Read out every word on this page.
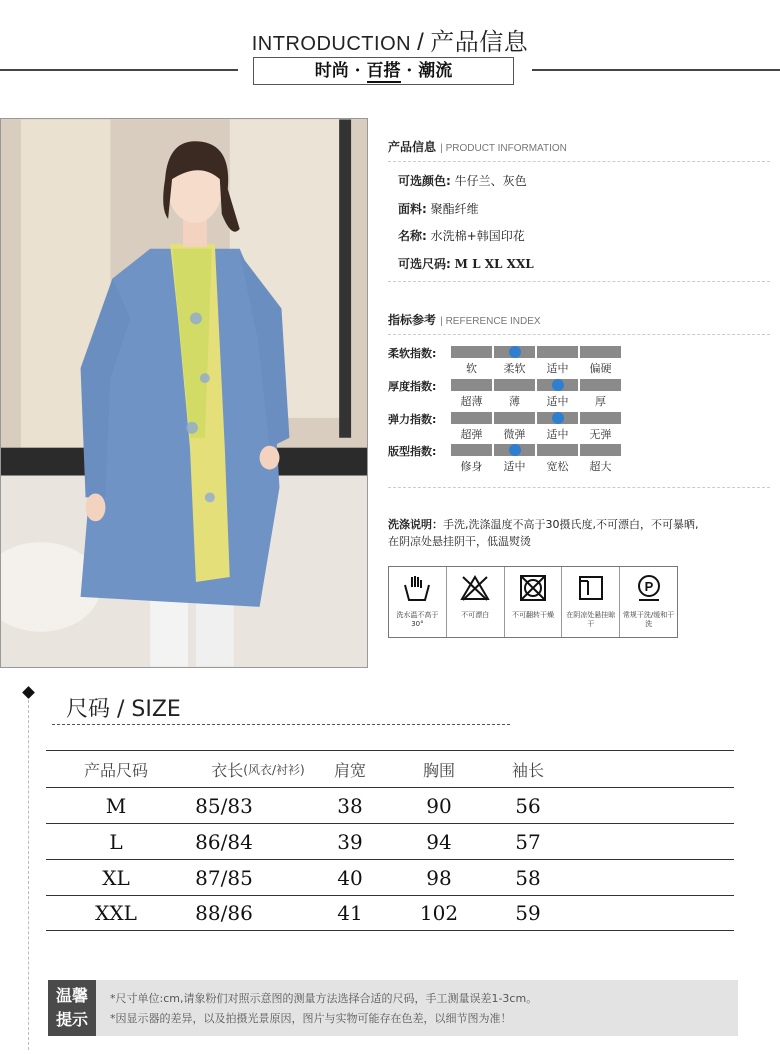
INTRODUCTION / 产品信息
时尚 · 百搭 · 潮流
产品信息 | PRODUCT INFORMATION
可选颜色: 牛仔兰、灰色
面料: 聚酯纤维
名称: 水洗棉+韩国印花
可选尺码: M L XL XXL
指标参考 | REFERENCE INDEX
柔软指数:
软	柔软	适中	偏硬
厚度指数:
超薄	薄	适中	厚
弹力指数:
超弹	微弹	适中	无弹
版型指数:
修身	适中	宽松	超大
洗涤说明：手洗,洗涤温度不高于30摄氏度,不可漂白，不可暴晒,
在阴凉处悬挂阴干，低温熨烫
洗水温不高于30°
不可漂白	不可翻转干燥	在阴凉处悬挂晾干
P
常规干洗/缓和干洗
尺码 / SIZE
产品尺码	衣长 (风衣/衬衫)	肩宽	胸围	袖长
M	85/83	38	90	56
L	86/84	39	94	57
XL	87/85	40	98	58
XXL	88/86	41	102	59
温馨
提示
*尺寸单位:cm,请象粉们对照示意图的测量方法选择合适的尺码，手工测量误差1-3cm。
*因显示器的差异，以及拍摄光景原因，图片与实物可能存在色差，以细节图为准！
